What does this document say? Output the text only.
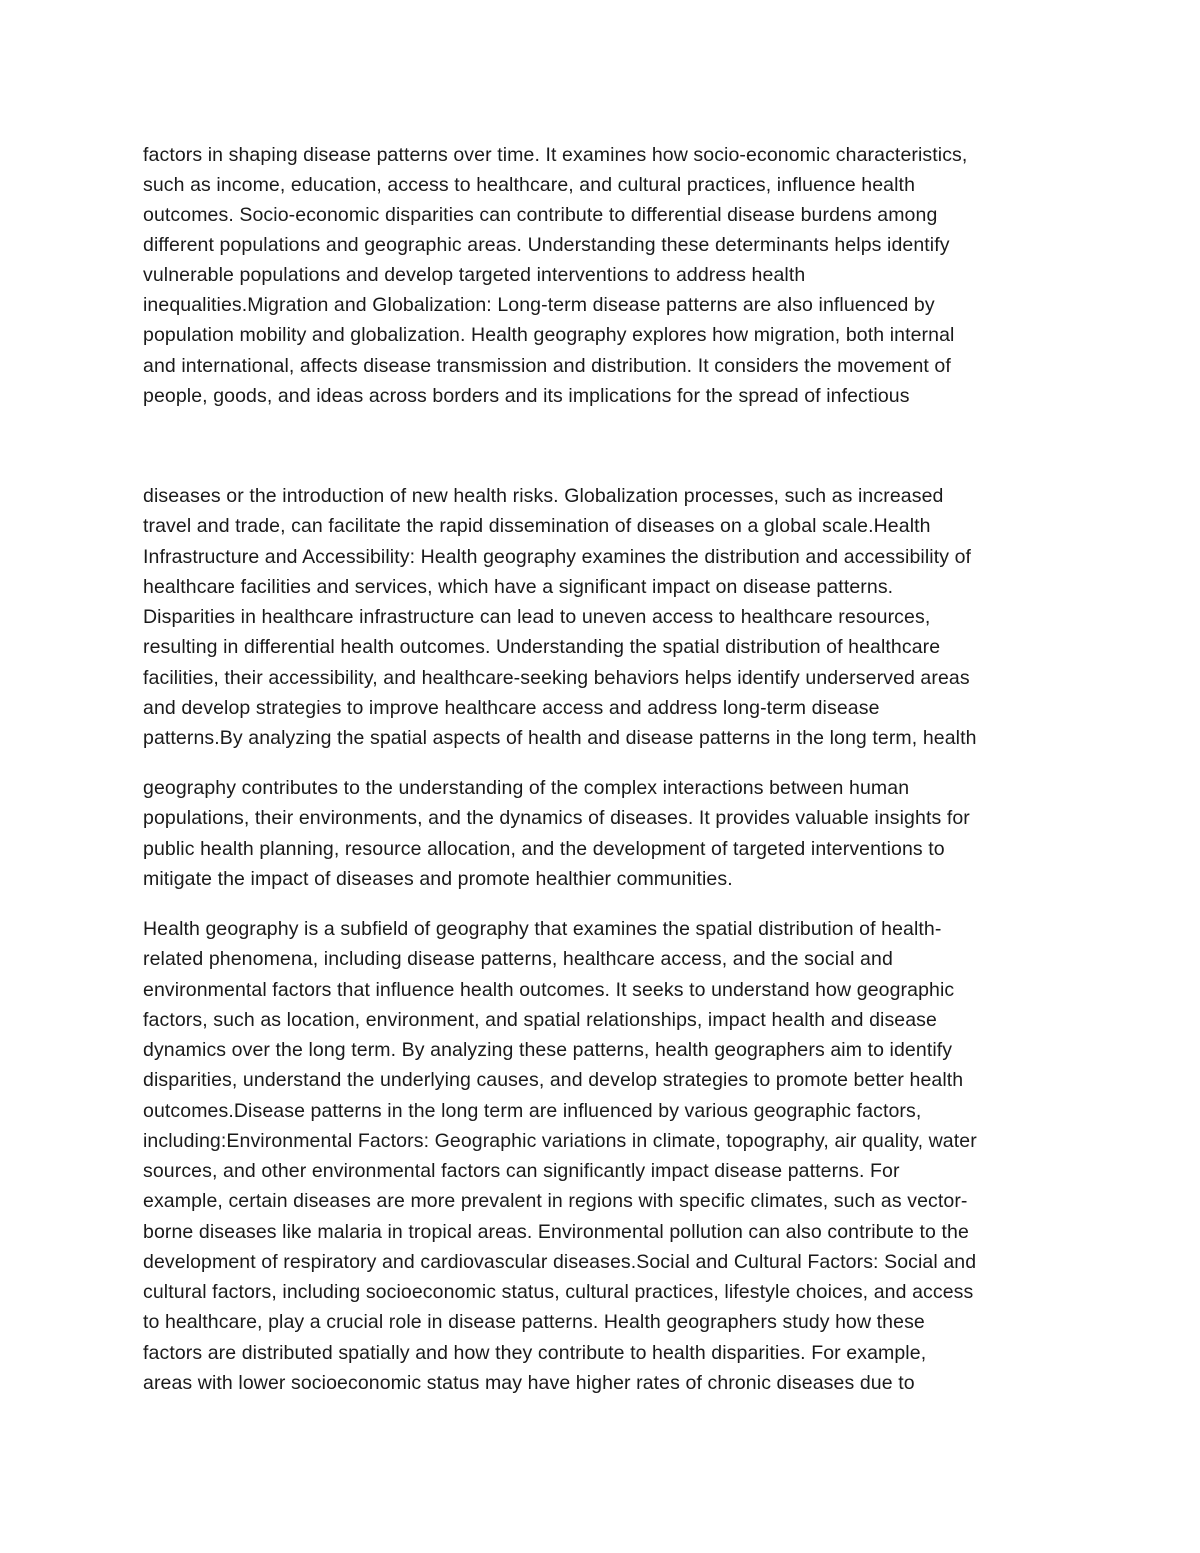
factors in shaping disease patterns over time. It examines how socio-economic characteristics,
such as income, education, access to healthcare, and cultural practices, influence health
outcomes. Socio-economic disparities can contribute to differential disease burdens among
different populations and geographic areas. Understanding these determinants helps identify
vulnerable populations and develop targeted interventions to address health
inequalities.Migration and Globalization: Long-term disease patterns are also influenced by
population mobility and globalization. Health geography explores how migration, both internal
and international, affects disease transmission and distribution. It considers the movement of
people, goods, and ideas across borders and its implications for the spread of infectious
diseases or the introduction of new health risks. Globalization processes, such as increased
travel and trade, can facilitate the rapid dissemination of diseases on a global scale.Health
Infrastructure and Accessibility: Health geography examines the distribution and accessibility of
healthcare facilities and services, which have a significant impact on disease patterns.
Disparities in healthcare infrastructure can lead to uneven access to healthcare resources,
resulting in differential health outcomes. Understanding the spatial distribution of healthcare
facilities, their accessibility, and healthcare-seeking behaviors helps identify underserved areas
and develop strategies to improve healthcare access and address long-term disease
patterns.By analyzing the spatial aspects of health and disease patterns in the long term, health
geography contributes to the understanding of the complex interactions between human
populations, their environments, and the dynamics of diseases. It provides valuable insights for
public health planning, resource allocation, and the development of targeted interventions to
mitigate the impact of diseases and promote healthier communities.
Health geography is a subfield of geography that examines the spatial distribution of health-
related phenomena, including disease patterns, healthcare access, and the social and
environmental factors that influence health outcomes. It seeks to understand how geographic
factors, such as location, environment, and spatial relationships, impact health and disease
dynamics over the long term. By analyzing these patterns, health geographers aim to identify
disparities, understand the underlying causes, and develop strategies to promote better health
outcomes.Disease patterns in the long term are influenced by various geographic factors,
including:Environmental Factors: Geographic variations in climate, topography, air quality, water
sources, and other environmental factors can significantly impact disease patterns. For
example, certain diseases are more prevalent in regions with specific climates, such as vector-
borne diseases like malaria in tropical areas. Environmental pollution can also contribute to the
development of respiratory and cardiovascular diseases.Social and Cultural Factors: Social and
cultural factors, including socioeconomic status, cultural practices, lifestyle choices, and access
to healthcare, play a crucial role in disease patterns. Health geographers study how these
factors are distributed spatially and how they contribute to health disparities. For example,
areas with lower socioeconomic status may have higher rates of chronic diseases due to
